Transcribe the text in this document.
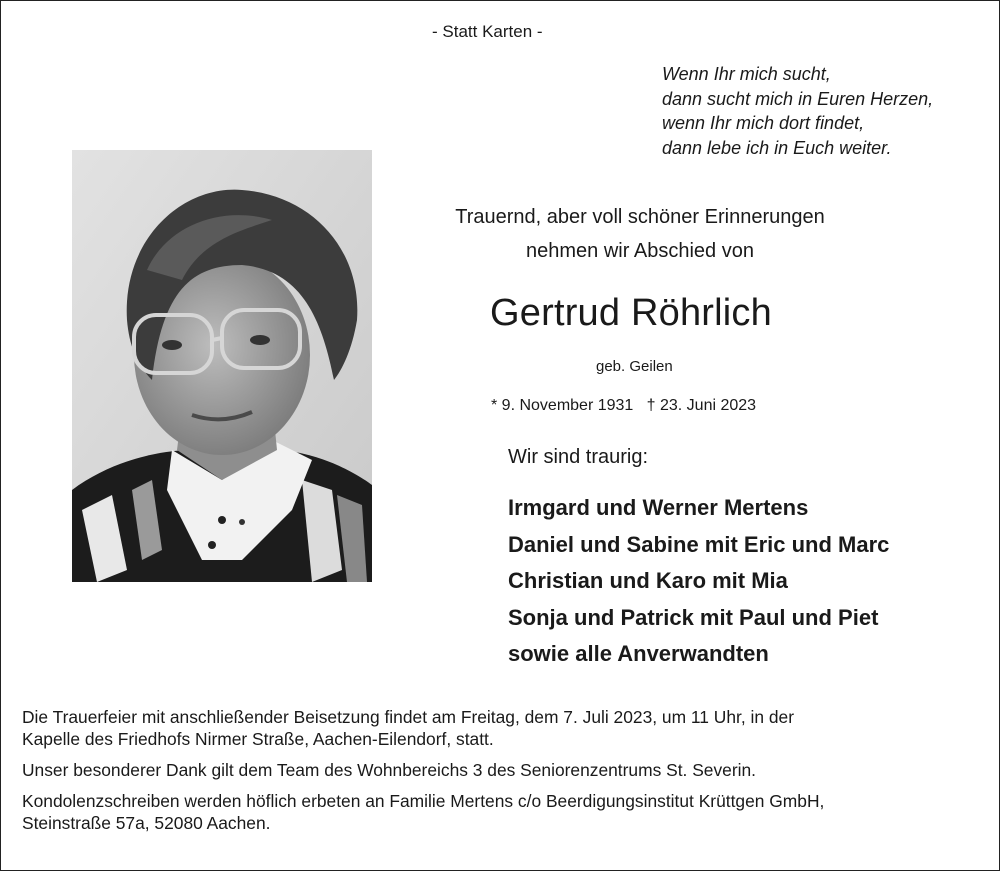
- Statt Karten -
Wenn Ihr mich sucht,
dann sucht mich in Euren Herzen,
wenn Ihr mich dort findet,
dann lebe ich in Euch weiter.
Trauernd, aber voll schöner Erinnerungen
nehmen wir Abschied von
Gertrud Röhrlich
geb. Geilen
* 9. November 1931   † 23. Juni 2023
Wir sind traurig:
Irmgard und Werner Mertens
Daniel und Sabine mit Eric und Marc
Christian und Karo mit Mia
Sonja und Patrick mit Paul und Piet
sowie alle Anverwandten

Die Trauerfeier mit anschließender Beisetzung findet am Freitag, dem 7. Juli 2023, um 11 Uhr, in der
Kapelle des Friedhofs Nirmer Straße, Aachen-Eilendorf, statt.

Unser besonderer Dank gilt dem Team des Wohnbereichs 3 des Seniorenzentrums St. Severin.

Kondolenzschreiben werden höflich erbeten an Familie Mertens c/o Beerdigungsinstitut Krüttgen GmbH,
Steinstraße 57a, 52080 Aachen.
